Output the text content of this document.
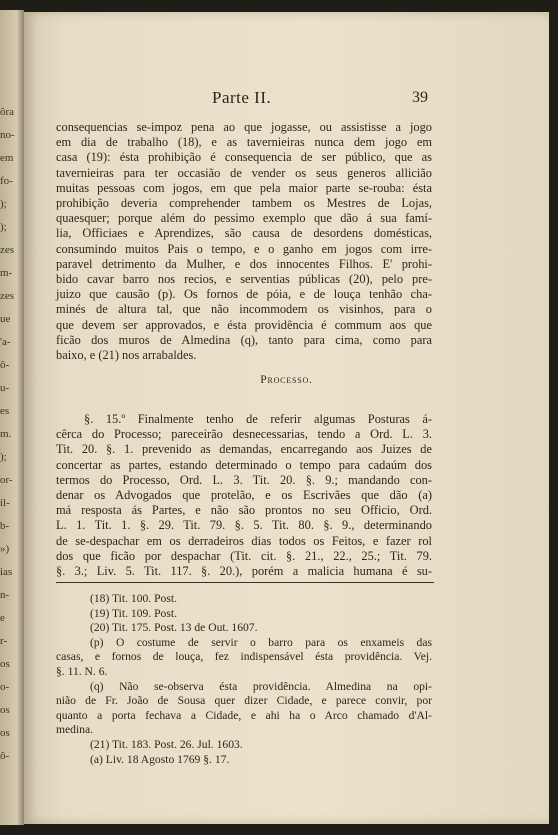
ôra
no-
em
fo-
);
);
zes
m-
zes
ue
'a-
ô-
u-
es
m.
);
or-
il-
b-
»)
ias
n-
e
r-
os
o-
os
os
ô-
Parte II.	39
consequencias se-impoz pena ao que jogasse, ou assistisse a jogo
em dia de trabalho (18), e as tavernieiras nunca dem jogo em
casa (19): ésta prohibição é consequencia de ser público, que as
tavernieiras para ter occasião de vender os seus generos allicião
muitas pessoas com jogos, em que pela maior parte se-rouba: ésta
prohibição deveria comprehender tambem os Mestres de Lojas,
quaesquer; porque além do pessimo exemplo que dão á sua famí-
lia, Officiaes e Aprendizes, são causa de desordens domésticas,
consumindo muitos Pais o tempo, e o ganho em jogos com irre-
paravel detrimento da Mulher, e dos innocentes Filhos. E' prohi-
bido cavar barro nos recios, e serventias públicas (20), pelo pre-
juizo que causão (p). Os fornos de póia, e de louça tenhão cha-
minés de altura tal, que não incommodem os visinhos, para o
que devem ser approvados, e ésta providência é commum aos que
ficão dos muros de Almedina (q), tanto para cima, como para
baixo, e (21) nos arrabaldes.
Processo.
§. 15.º Finalmente tenho de referir algumas Posturas á-
cêrca do Processo; pareceirão desnecessarias, tendo a Ord. L. 3.
Tit. 20. §. 1. prevenido as demandas, encarregando aos Juizes de
concertar as partes, estando determinado o tempo para cadaúm dos
termos do Processo, Ord. L. 3. Tit. 20. §. 9.; mandando con-
denar os Advogados que protelão, e os Escrivães que dão (a)
má resposta ás Partes, e não são prontos no seu Officio, Ord.
L. 1. Tit. 1. §. 29. Tit. 79. §. 5. Tit. 80. §. 9., determinando
de se-despachar em os derradeiros dias todos os Feitos, e fazer rol
dos que ficão por despachar (Tit. cit. §. 21., 22., 25.; Tit. 79.
§. 3.; Liv. 5. Tit. 117. §. 20.), porém a malicia humana é su-
(18) Tit. 100. Post.
(19) Tit. 109. Post.
(20) Tit. 175. Post. 13 de Out. 1607.
(p) O costume de servir o barro para os enxameis das
casas, e fornos de louça, fez indispensável ésta providência. Vej.
§. 11. N. 6.
(q) Não se-observa ésta providência. Almedina na opi-
nião de Fr. João de Sousa quer dizer Cidade, e parece convir, por
quanto a porta fechava a Cidade, e ahi ha o Arco chamado d'Al-
medina.
(21) Tit. 183. Post. 26. Jul. 1603.
(a) Liv. 18 Agosto 1769 §. 17.
